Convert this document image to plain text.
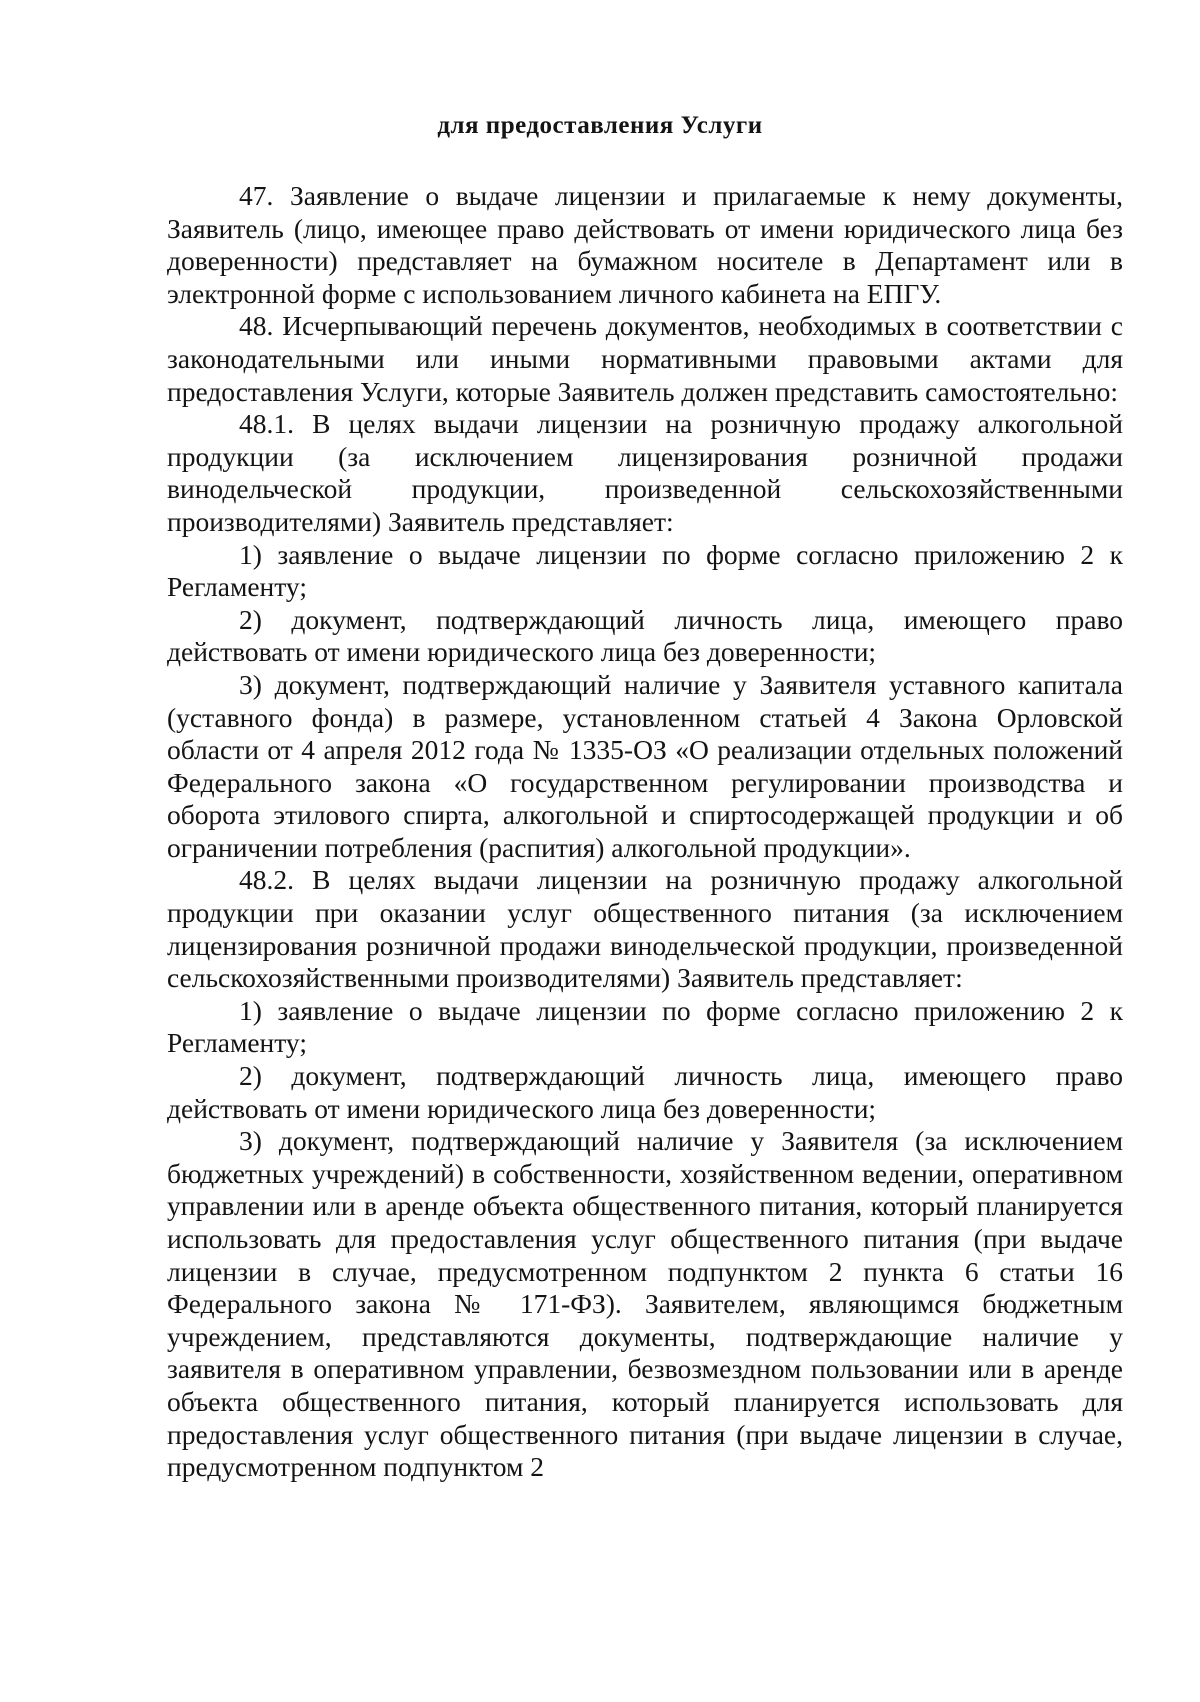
для предоставления Услуги

47. Заявление о выдаче лицензии и прилагаемые к нему документы, Заявитель (лицо, имеющее право действовать от имени юридического лица без доверенности) представляет на бумажном носителе в Департамент или в электронной форме с использованием личного кабинета на ЕПГУ.

48. Исчерпывающий перечень документов, необходимых в соответствии с законодательными или иными нормативными правовыми актами для предоставления Услуги, которые Заявитель должен представить самостоятельно:

48.1. В целях выдачи лицензии на розничную продажу алкогольной продукции (за исключением лицензирования розничной продажи винодельческой продукции, произведенной сельскохозяйственными производителями) Заявитель представляет:

1) заявление о выдаче лицензии по форме согласно приложению 2 к Регламенту;

2) документ, подтверждающий личность лица, имеющего право действовать от имени юридического лица без доверенности;

3) документ, подтверждающий наличие у Заявителя уставного капитала (уставного фонда) в размере, установленном статьей 4 Закона Орловской области от 4 апреля 2012 года № 1335-ОЗ «О реализации отдельных положений Федерального закона «О государственном регулировании производства и оборота этилового спирта, алкогольной и спиртосодержащей продукции и об ограничении потребления (распития) алкогольной продукции».

48.2. В целях выдачи лицензии на розничную продажу алкогольной продукции при оказании услуг общественного питания (за исключением лицензирования розничной продажи винодельческой продукции, произведенной сельскохозяйственными производителями) Заявитель представляет:

1) заявление о выдаче лицензии по форме согласно приложению 2 к Регламенту;

2) документ, подтверждающий личность лица, имеющего право действовать от имени юридического лица без доверенности;

3) документ, подтверждающий наличие у Заявителя (за исключением бюджетных учреждений) в собственности, хозяйственном ведении, оперативном управлении или в аренде объекта общественного питания, который планируется использовать для предоставления услуг общественного питания (при выдаче лицензии в случае, предусмотренном подпунктом 2 пункта 6 статьи 16 Федерального закона № 171-ФЗ). Заявителем, являющимся бюджетным учреждением, представляются документы, подтверждающие наличие у заявителя в оперативном управлении, безвозмездном пользовании или в аренде объекта общественного питания, который планируется использовать для предоставления услуг общественного питания (при выдаче лицензии в случае, предусмотренном подпунктом 2
